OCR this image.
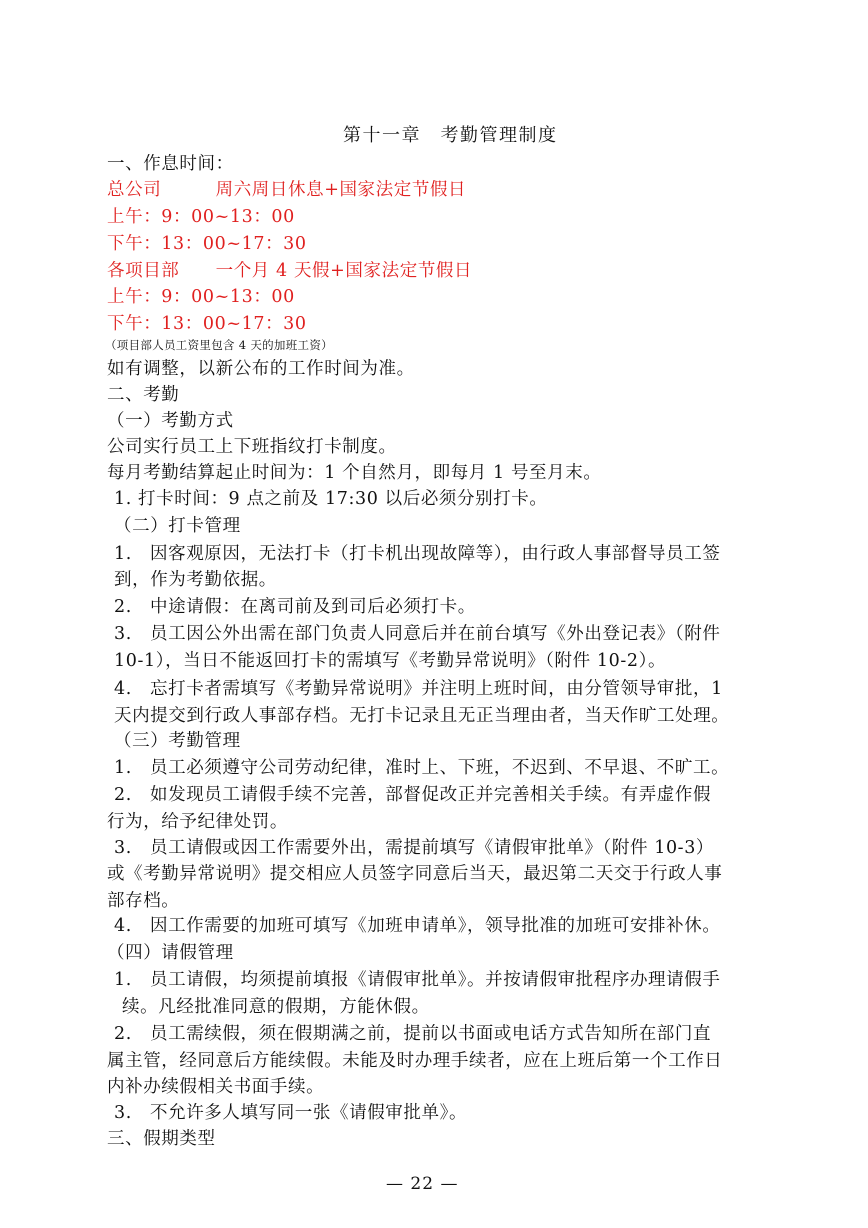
第十一章　考勤管理制度
一、作息时间：
总公司　　　周六周日休息+国家法定节假日
上午：9：00~13：00
下午：13：00~17：30
各项目部　　一个月 4 天假+国家法定节假日
上午：9：00~13：00
下午：13：00~17：30
（项目部人员工资里包含 4 天的加班工资）
如有调整，以新公布的工作时间为准。
二、考勤
（一）考勤方式
公司实行员工上下班指纹打卡制度。
每月考勤结算起止时间为：1 个自然月，即每月 1 号至月末。
1. 打卡时间：9 点之前及 17:30 以后必须分别打卡。
（二）打卡管理
1.　因客观原因，无法打卡（打卡机出现故障等），由行政人事部督导员工签
到，作为考勤依据。
2.　中途请假：在离司前及到司后必须打卡。
3.　员工因公外出需在部门负责人同意后并在前台填写《外出登记表》（附件
10-1），当日不能返回打卡的需填写《考勤异常说明》（附件 10-2）。
4.　忘打卡者需填写《考勤异常说明》并注明上班时间，由分管领导审批，1
天内提交到行政人事部存档。无打卡记录且无正当理由者，当天作旷工处理。
（三）考勤管理
1.　员工必须遵守公司劳动纪律，准时上、下班，不迟到、不早退、不旷工。
2.　如发现员工请假手续不完善，部督促改正并完善相关手续。有弄虚作假
行为，给予纪律处罚。
3.　员工请假或因工作需要外出，需提前填写《请假审批单》（附件 10-3）
或《考勤异常说明》提交相应人员签字同意后当天，最迟第二天交于行政人事
部存档。
4.　因工作需要的加班可填写《加班申请单》，领导批准的加班可安排补休。
（四）请假管理
1.　员工请假，均须提前填报《请假审批单》。并按请假审批程序办理请假手
续。凡经批准同意的假期，方能休假。
2.　员工需续假，须在假期满之前，提前以书面或电话方式告知所在部门直
属主管，经同意后方能续假。未能及时办理手续者，应在上班后第一个工作日
内补办续假相关书面手续。
3.　不允许多人填写同一张《请假审批单》。
三、假期类型
— 22 —
